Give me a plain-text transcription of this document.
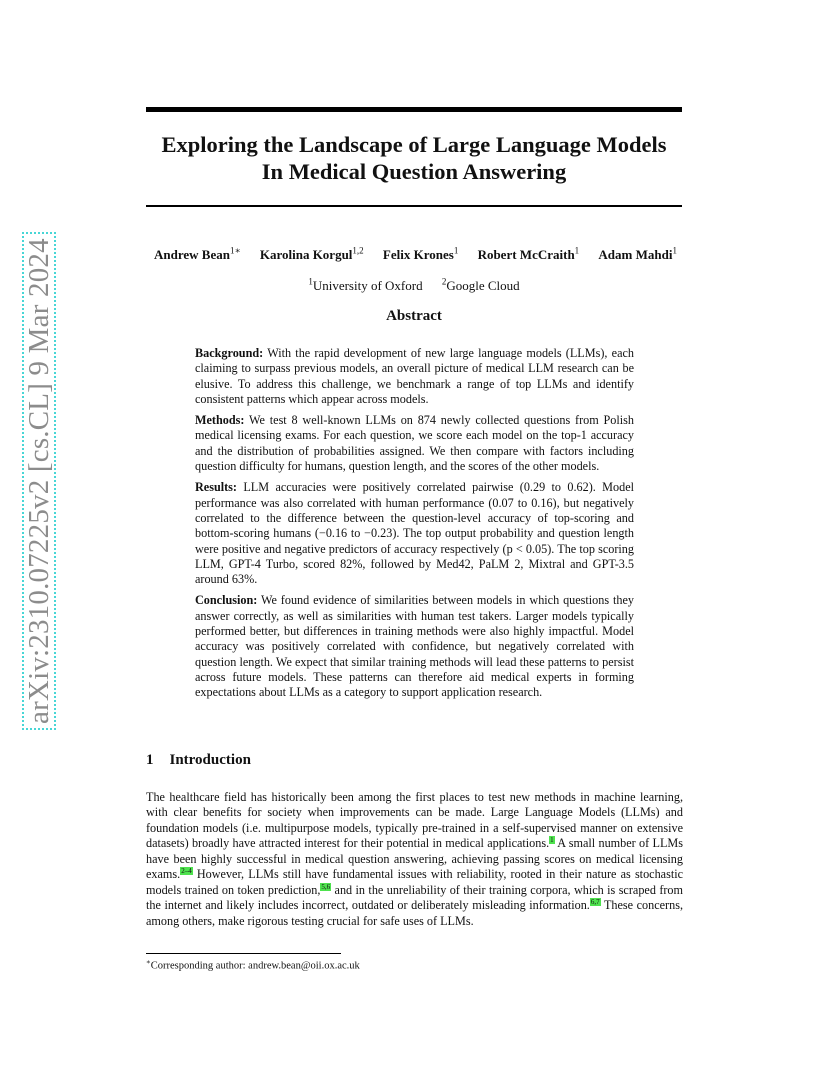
arXiv:2310.07225v2 [cs.CL] 9 Mar 2024
Exploring the Landscape of Large Language Models
In Medical Question Answering
Andrew Bean$^{1∗}$ Karolina Korgul$^{1,2}$ Felix Krones$^1$ Robert McCraith$^1$ Adam Mahdi$^1$
$^1$University of Oxford $^2$Google Cloud
Abstract

Background: With the rapid development of new large language models (LLMs), each claiming to surpass previous models, an overall picture of medical LLM research can be elusive. To address this challenge, we benchmark a range of top LLMs and identify consistent patterns which appear across models.

Methods: We test 8 well-known LLMs on 874 newly collected questions from Polish medical licensing exams. For each question, we score each model on the top-1 accuracy and the distribution of probabilities assigned. We then compare with factors including question difficulty for humans, question length, and the scores of the other models.

Results: LLM accuracies were positively correlated pairwise (0.29 to 0.62). Model performance was also correlated with human performance (0.07 to 0.16), but negatively correlated to the difference between the question-level accuracy of top-scoring and bottom-scoring humans (−0.16 to −0.23). The top output probability and question length were positive and negative predictors of accuracy respectively (p < 0.05). The top scoring LLM, GPT-4 Turbo, scored 82%, followed by Med42, PaLM 2, Mixtral and GPT-3.5 around 63%.

Conclusion: We found evidence of similarities between models in which questions they answer correctly, as well as similarities with human test takers. Larger models typically performed better, but differences in training methods were also highly impactful. Model accuracy was positively correlated with confidence, but negatively correlated with question length. We expect that similar training methods will lead these patterns to persist across future models. These patterns can therefore aid medical experts in forming expectations about LLMs as a category to support application research.

1 Introduction

The healthcare field has historically been among the first places to test new methods in machine learning, with clear benefits for society when improvements can be made. Large Language Models (LLMs) and foundation models (i.e. multipurpose models, typically pre-trained in a self-supervised manner on extensive datasets) broadly have attracted interest for their potential in medical applications.1 A small number of LLMs have been highly successful in medical question answering, achieving passing scores on medical licensing exams.2–4 However, LLMs still have fundamental issues with reliability, rooted in their nature as stochastic models trained on token prediction,5,6 and in the unreliability of their training corpora, which is scraped from the internet and likely includes incorrect, outdated or deliberately misleading information.6,7 These concerns, among others, make rigorous testing crucial for safe uses of LLMs.

∗Corresponding author: andrew.bean@oii.ox.ac.uk
